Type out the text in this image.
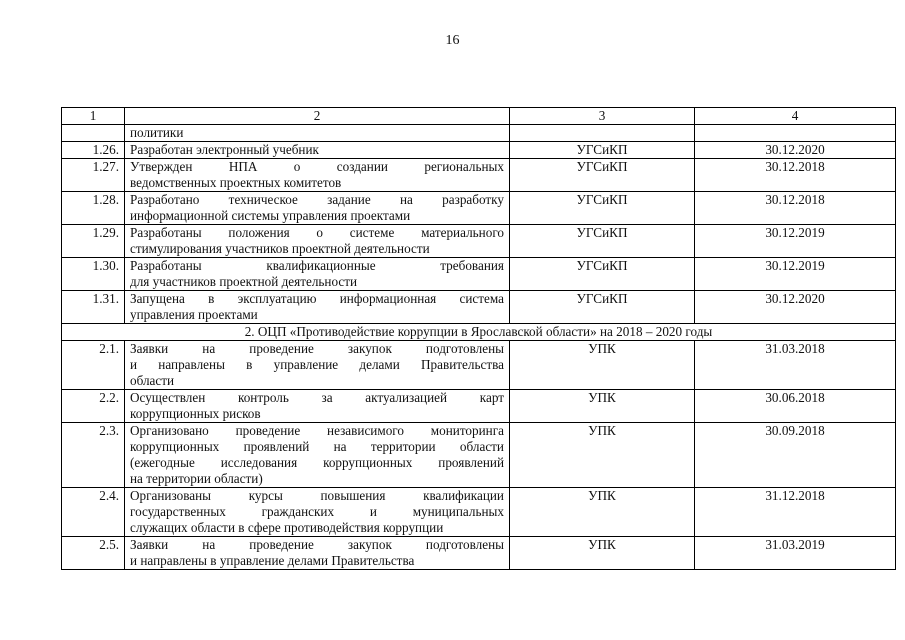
16
1	2	3	4

	политики		

1.26.	Разработан электронный учебник	УГСиКП	30.12.2020
1.27.	Утвержден НПА о создании региональных
ведомственных проектных комитетов	УГСиКП	30.12.2018
1.28.	Разработано техническое задание на разработку
информационной системы управления проектами	УГСиКП	30.12.2018
1.29.	Разработаны положения о системе материального
стимулирования участников проектной деятельности	УГСиКП	30.12.2019
1.30.	Разработаны квалификационные требования
для участников проектной деятельности	УГСиКП	30.12.2019
1.31.	Запущена в эксплуатацию информационная система
управления проектами	УГСиКП	30.12.2020
2. ОЦП «Противодействие коррупции в Ярославской области» на 2018 – 2020 годы			
2.1.	Заявки на проведение закупок подготовлены
и направлены в управление делами Правительства
области	УПК	31.03.2018
2.2.	Осуществлен контроль за актуализацией карт
коррупционных рисков	УПК	30.06.2018
2.3.	Организовано проведение независимого мониторинга
коррупционных проявлений на территории области
(ежегодные исследования коррупционных проявлений
на территории области)	УПК	30.09.2018
2.4.	Организованы курсы повышения квалификации
государственных гражданских и муниципальных
служащих области в сфере противодействия коррупции	УПК	31.12.2018
2.5.	Заявки на проведение закупок подготовлены
и направлены в управление делами Правительства	УПК	31.03.2019
